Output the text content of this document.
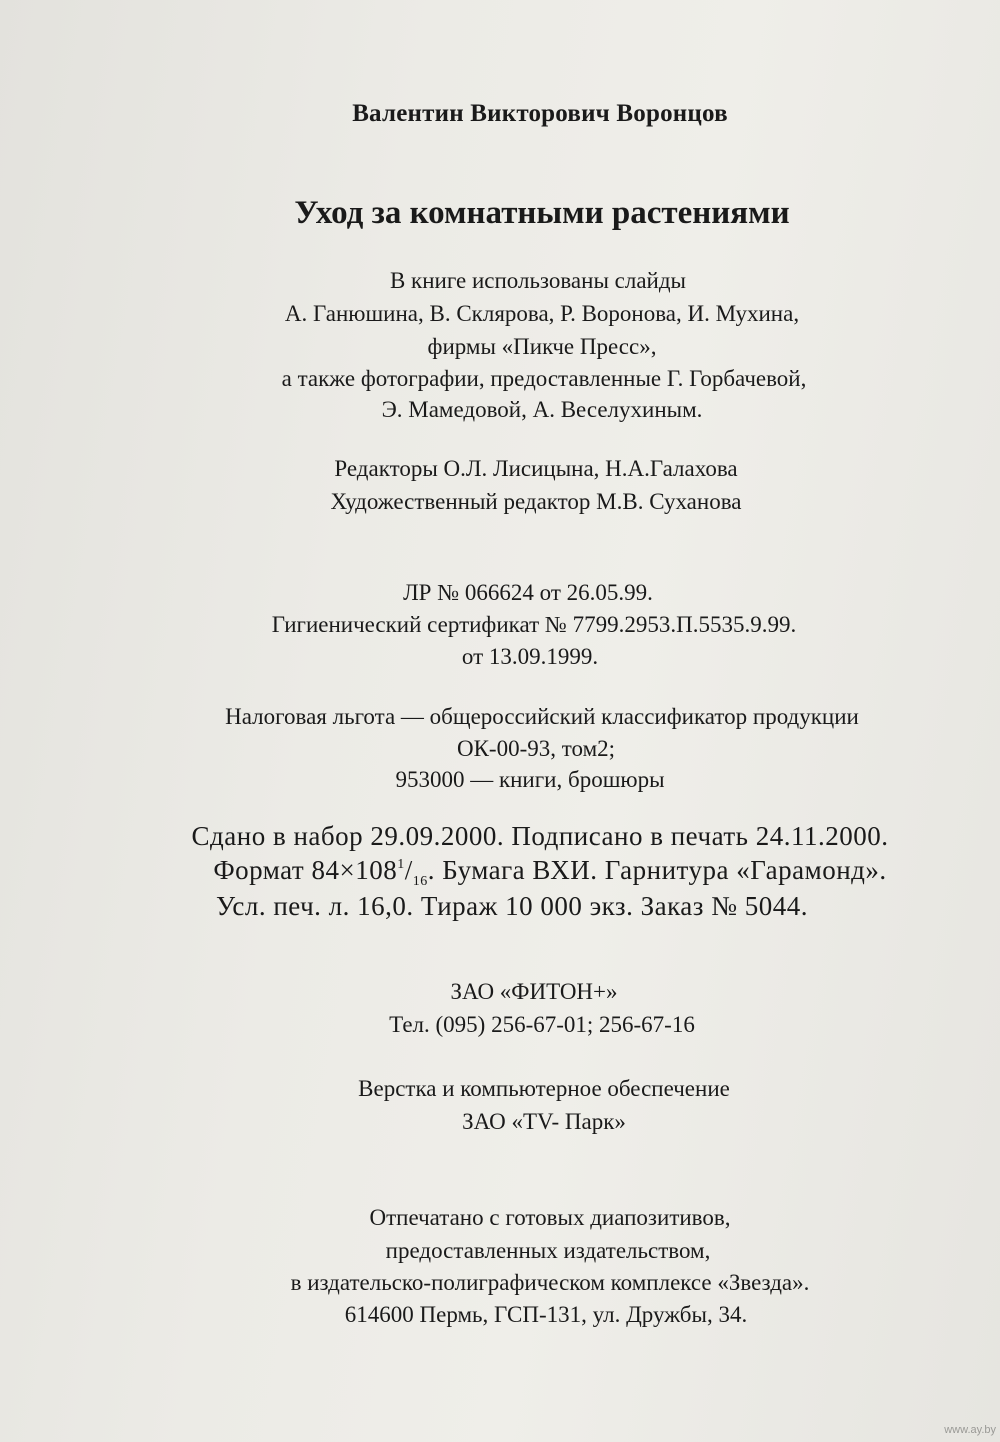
Валентин Викторович Воронцов
Уход за комнатными растениями
В книге использованы слайды
А. Ганюшина, В. Склярова, Р. Воронова, И. Мухина,
фирмы «Пикче Пресс»,
а также фотографии, предоставленные Г. Горбачевой,
Э. Мамедовой, А. Веселухиным.
Редакторы О.Л. Лисицына, Н.А.Галахова
Художественный редактор М.В. Суханова
ЛР № 066624 от 26.05.99.
Гигиенический сертификат № 7799.2953.П.5535.9.99.
от 13.09.1999.
Налоговая льгота — общероссийский классификатор продукции
ОК-00-93, том2;
953000 — книги, брошюры
Сдано в набор 29.09.2000. Подписано в печать 24.11.2000.
Формат $84\times 108^1/_{16}$. Бумага ВХИ. Гарнитура «Гарамонд».
Усл. печ. л. 16,0. Тираж 10 000 экз. Заказ № 5044.
ЗАО «ФИТОН+»
Тел. (095) 256-67-01; 256-67-16
Верстка и компьютерное обеспечение
ЗАО «TV- Парк»
Отпечатано с готовых диапозитивов,
предоставленных издательством,
в издательско-полиграфическом комплексе «Звезда».
614600 Пермь, ГСП-131, ул. Дружбы, 34.
www.ay.by
